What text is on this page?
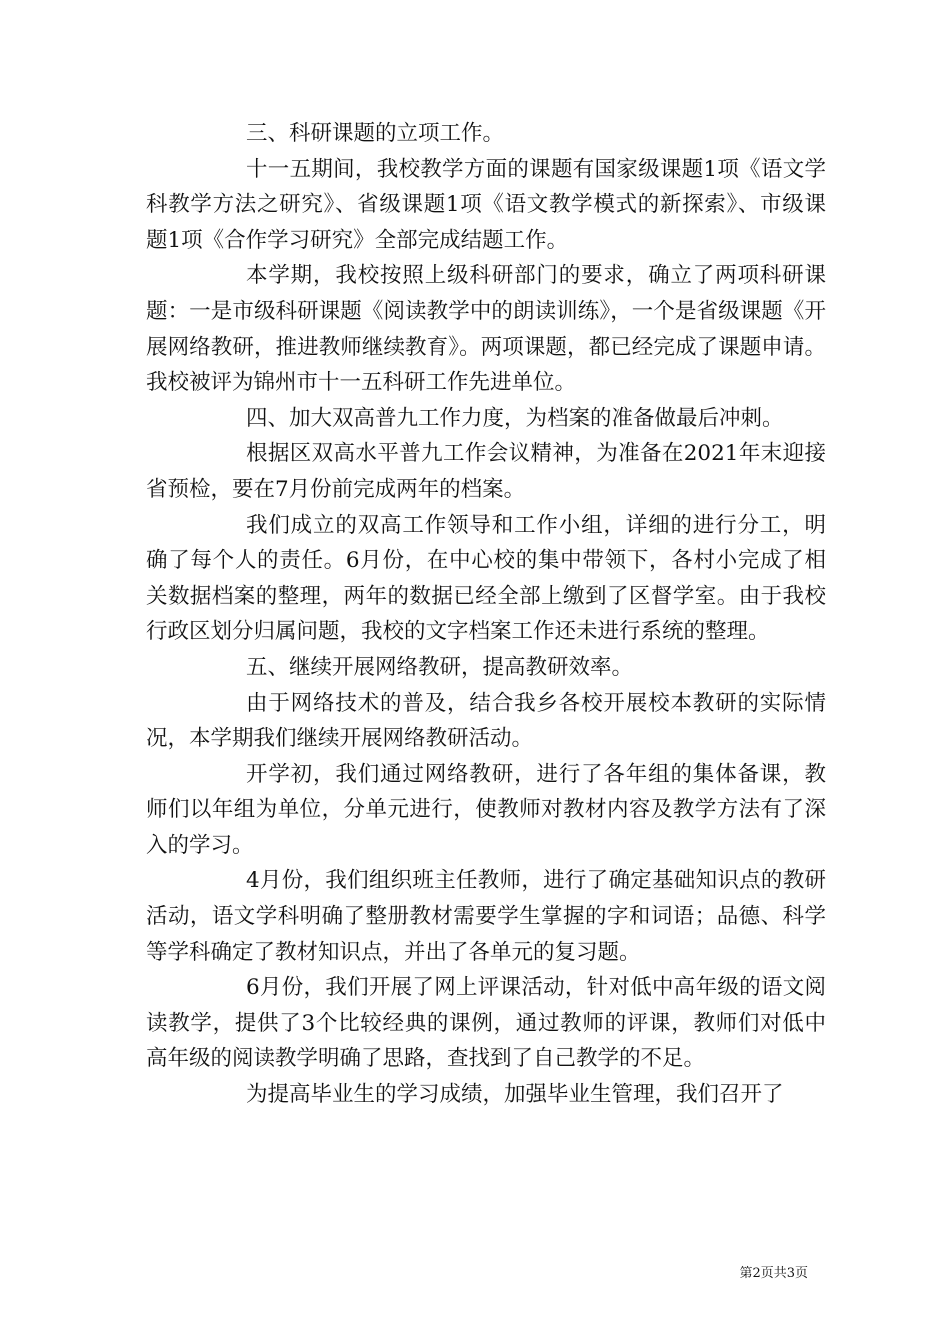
三、科研课题的立项工作。

十一五期间，我校教学方面的课题有国家级课题1项《语文学科教学方法之研究》、省级课题1项《语文教学模式的新探索》、市级课题1项《合作学习研究》全部完成结题工作。

本学期，我校按照上级科研部门的要求，确立了两项科研课题：一是市级科研课题《阅读教学中的朗读训练》，一个是省级课题《开展网络教研，推进教师继续教育》。两项课题，都已经完成了课题申请。我校被评为锦州市十一五科研工作先进单位。

四、加大双高普九工作力度，为档案的准备做最后冲刺。

根据区双高水平普九工作会议精神，为准备在2021年末迎接省预检，要在7月份前完成两年的档案。

我们成立的双高工作领导和工作小组，详细的进行分工，明确了每个人的责任。6月份，在中心校的集中带领下，各村小完成了相关数据档案的整理，两年的数据已经全部上缴到了区督学室。由于我校行政区划分归属问题，我校的文字档案工作还未进行系统的整理。

五、继续开展网络教研，提高教研效率。

由于网络技术的普及，结合我乡各校开展校本教研的实际情况，本学期我们继续开展网络教研活动。

开学初，我们通过网络教研，进行了各年组的集体备课，教师们以年组为单位，分单元进行，使教师对教材内容及教学方法有了深入的学习。

4月份，我们组织班主任教师，进行了确定基础知识点的教研活动，语文学科明确了整册教材需要学生掌握的字和词语；品德、科学等学科确定了教材知识点，并出了各单元的复习题。

6月份，我们开展了网上评课活动，针对低中高年级的语文阅读教学，提供了3个比较经典的课例，通过教师的评课，教师们对低中高年级的阅读教学明确了思路，查找到了自己教学的不足。

为提高毕业生的学习成绩，加强毕业生管理，我们召开了

第2页共3页
